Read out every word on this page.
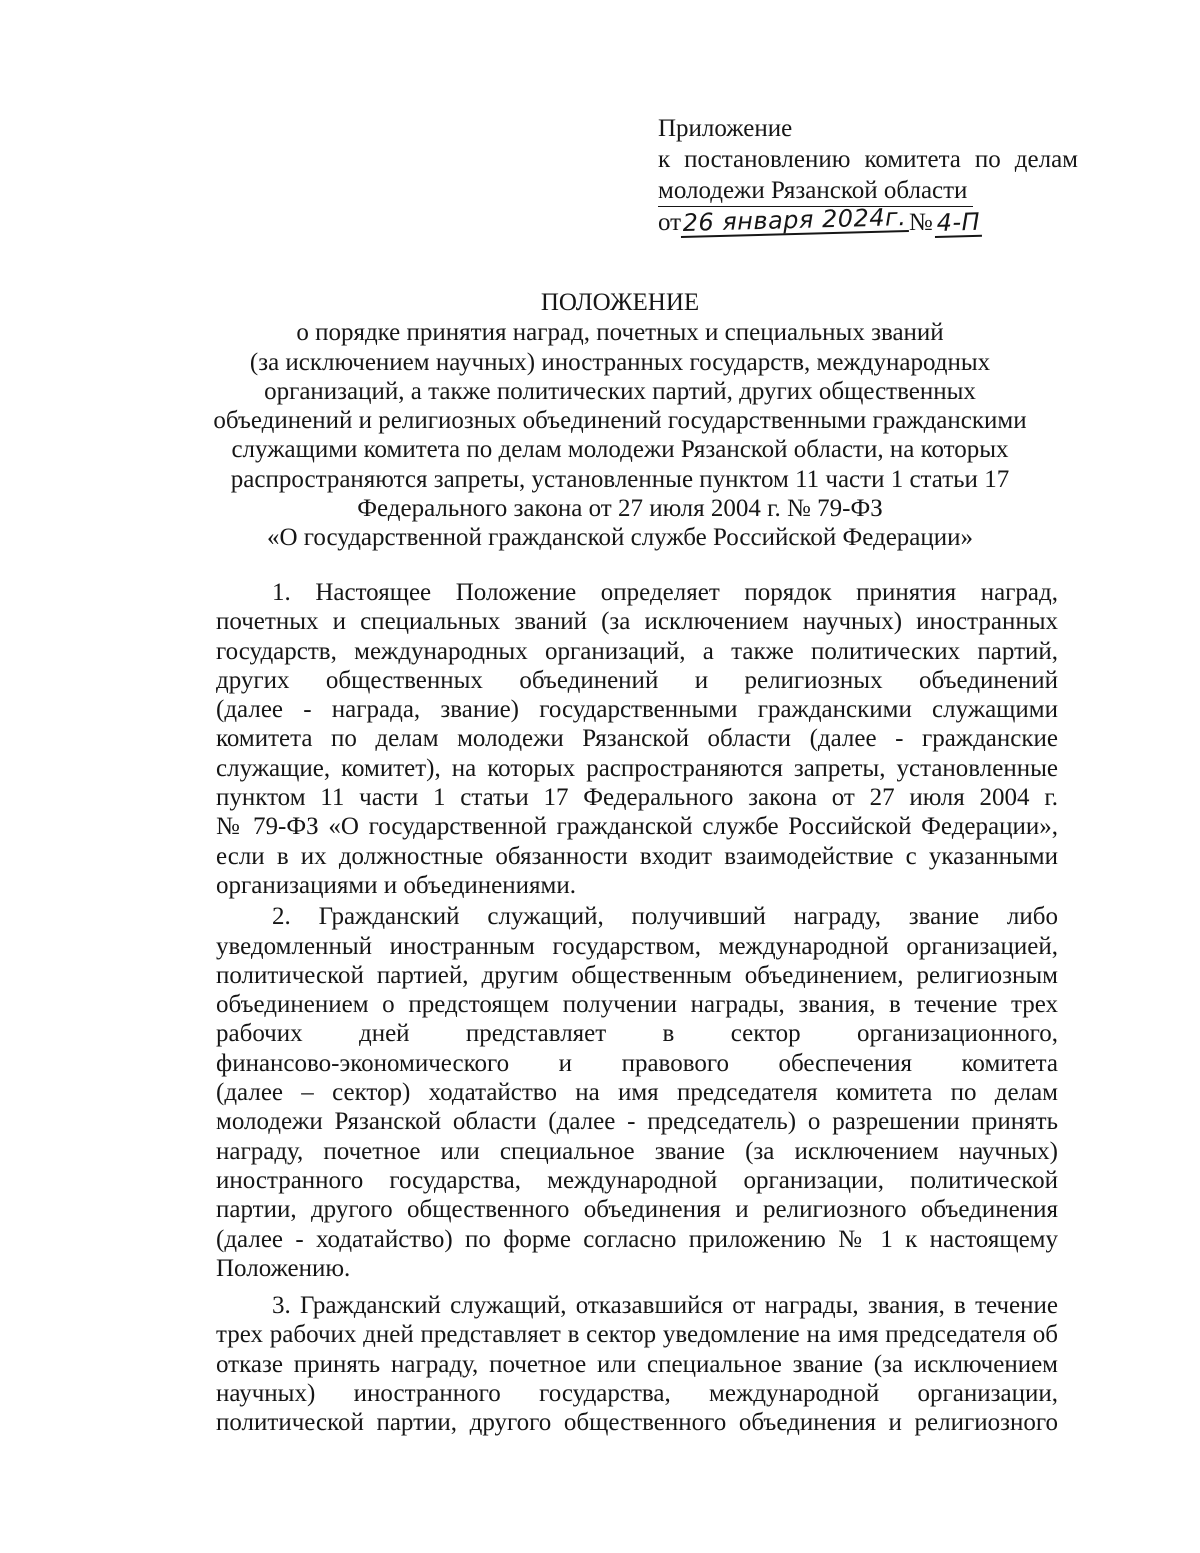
Приложение
к постановлению комитета по делам
молодежи Рязанской области
от 26 января 2024г. № 4-П
ПОЛОЖЕНИЕ
о порядке принятия наград, почетных и специальных званий
(за исключением научных) иностранных государств, международных
организаций, а также политических партий, других общественных
объединений и религиозных объединений государственными гражданскими
служащими комитета по делам молодежи Рязанской области, на которых
распространяются запреты, установленные пунктом 11 части 1 статьи 17
Федерального закона от 27 июля 2004 г. № 79-ФЗ
«О государственной гражданской службе Российской Федерации»
1. Настоящее Положение определяет порядок принятия наград,
почетных и специальных званий (за исключением научных) иностранных
государств, международных организаций, а также политических партий,
других общественных объединений и религиозных объединений
(далее - награда, звание) государственными гражданскими служащими
комитета по делам молодежи Рязанской области (далее - гражданские
служащие, комитет), на которых распространяются запреты, установленные
пунктом 11 части 1 статьи 17 Федерального закона от 27 июля 2004 г.
№ 79-ФЗ «О государственной гражданской службе Российской Федерации»,
если в их должностные обязанности входит взаимодействие с указанными
организациями и объединениями.
2. Гражданский служащий, получивший награду, звание либо
уведомленный иностранным государством, международной организацией,
политической партией, другим общественным объединением, религиозным
объединением о предстоящем получении награды, звания, в течение трех
рабочих дней представляет в сектор организационного,
финансово-экономического и правового обеспечения комитета
(далее – сектор) ходатайство на имя председателя комитета по делам
молодежи Рязанской области (далее - председатель) о разрешении принять
награду, почетное или специальное звание (за исключением научных)
иностранного государства, международной организации, политической
партии, другого общественного объединения и религиозного объединения
(далее - ходатайство) по форме согласно приложению № 1 к настоящему
Положению.
3. Гражданский служащий, отказавшийся от награды, звания, в течение
трех рабочих дней представляет в сектор уведомление на имя председателя об
отказе принять награду, почетное или специальное звание (за исключением
научных) иностранного государства, международной организации,
политической партии, другого общественного объединения и религиозного
